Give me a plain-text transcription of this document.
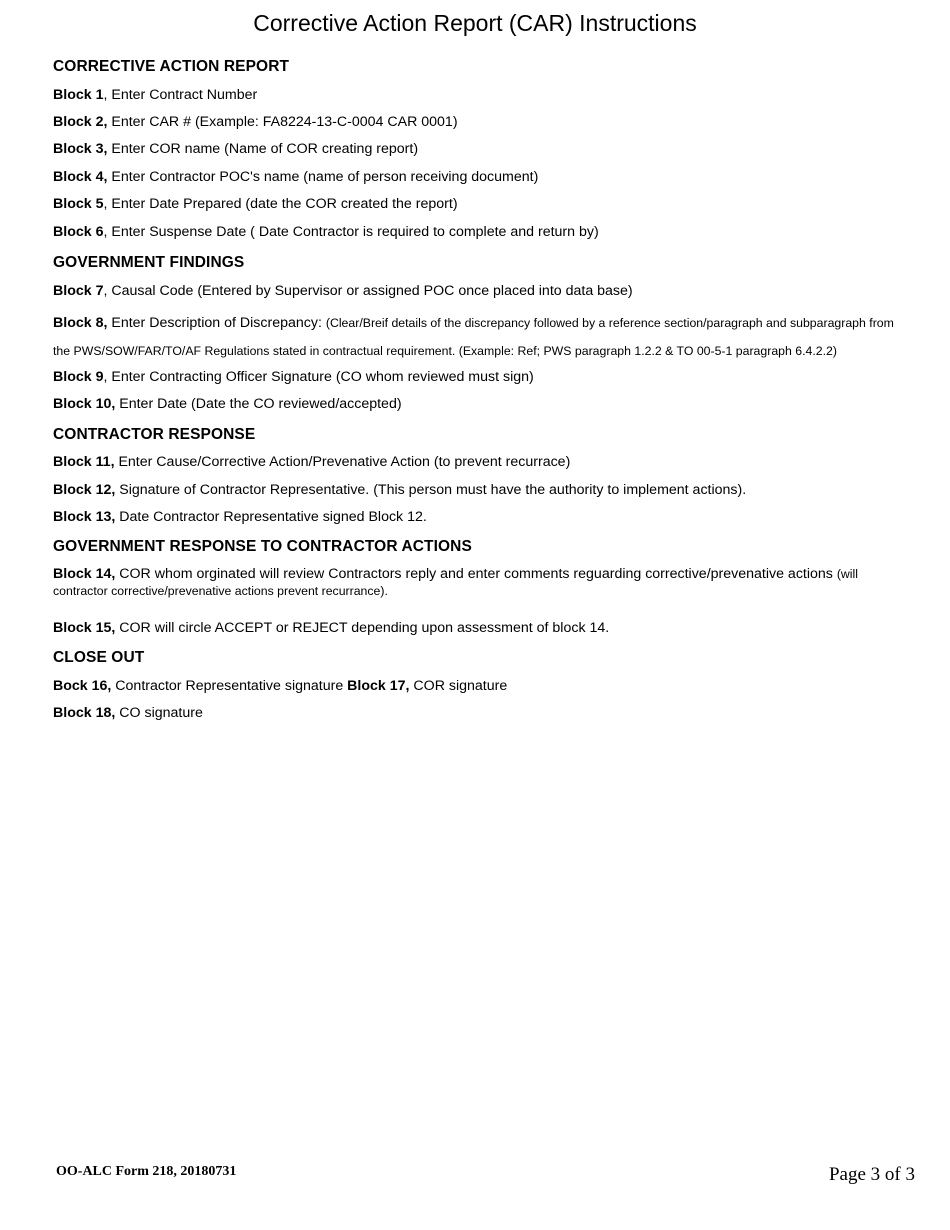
Corrective Action Report (CAR) Instructions
CORRECTIVE ACTION REPORT
Block 1, Enter Contract Number
Block 2, Enter CAR # (Example: FA8224-13-C-0004 CAR 0001)
Block 3, Enter COR name (Name of COR creating report)
Block 4, Enter Contractor POC's name (name of person receiving document)
Block 5, Enter Date Prepared (date the COR created the report)
Block 6, Enter Suspense Date ( Date Contractor is required to complete and return by)
GOVERNMENT FINDINGS
Block 7, Causal Code (Entered by Supervisor or assigned POC once placed into data base)
Block 8, Enter Description of Discrepancy: (Clear/Breif details of the discrepancy followed by a reference section/paragraph and subparagraph from
the PWS/SOW/FAR/TO/AF Regulations stated in contractual requirement. (Example: Ref; PWS paragraph 1.2.2 & TO 00-5-1 paragraph 6.4.2.2)
Block 9, Enter Contracting Officer Signature (CO whom reviewed must sign)
Block 10, Enter Date (Date the CO reviewed/accepted)
CONTRACTOR RESPONSE
Block 11, Enter Cause/Corrective Action/Prevenative Action (to prevent recurrace)
Block 12, Signature of Contractor Representative. (This person must have the authority to implement actions).
Block 13, Date Contractor Representative signed Block 12.
GOVERNMENT RESPONSE TO CONTRACTOR ACTIONS
Block 14, COR whom orginated will review Contractors reply and enter comments reguarding corrective/prevenative actions (will
contractor corrective/prevenative actions prevent recurrance).
Block 15, COR will circle ACCEPT or REJECT depending upon assessment of block 14.
CLOSE OUT
Bock 16, Contractor Representative signature Block 17, COR signature
Block 18, CO signature
OO-ALC Form 218, 20180731	Page 3 of 3
